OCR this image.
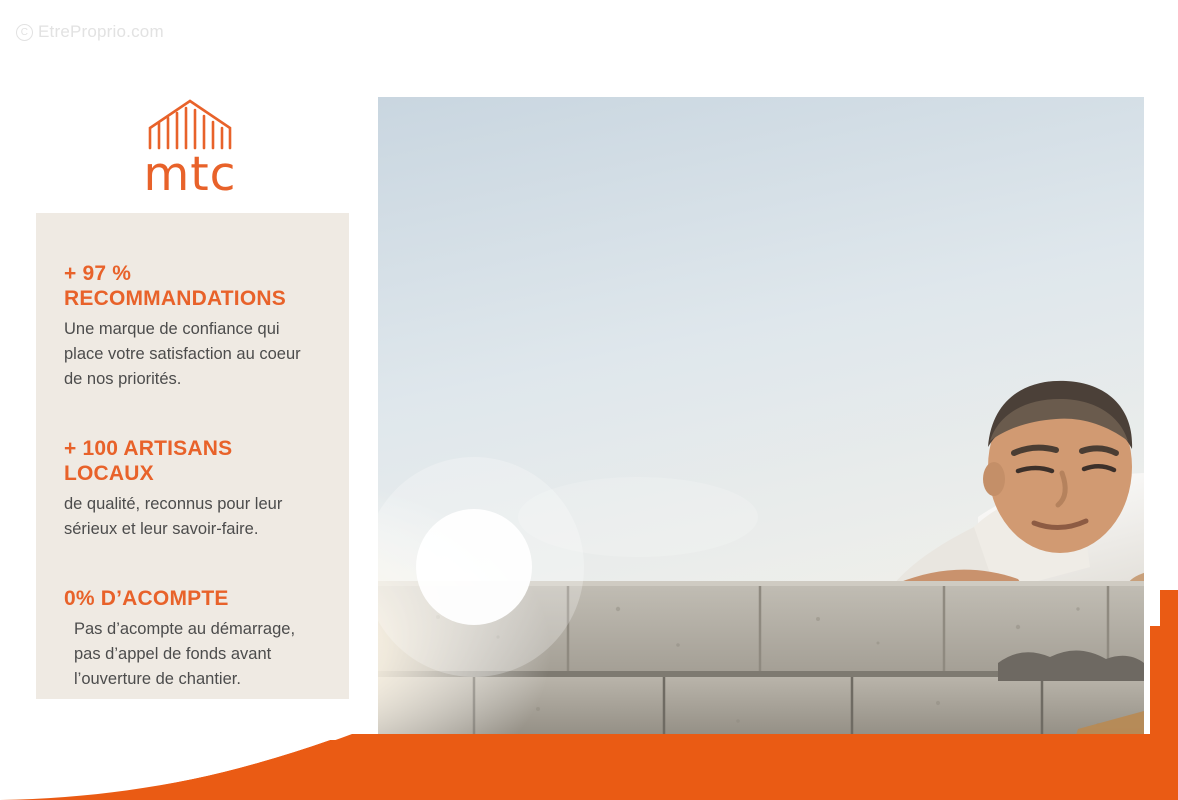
C EtreProprio.com
mtc

+ 97 % RECOMMANDATIONS

Une marque de confiance qui place votre satisfaction au coeur de nos priorités.

+ 100 ARTISANS LOCAUX

de qualité, reconnus pour leur sérieux et leur savoir-faire.

0% D’ACOMPTE

Pas d’acompte au démarrage, pas d’appel de fonds avant l’ouverture de chantier.
